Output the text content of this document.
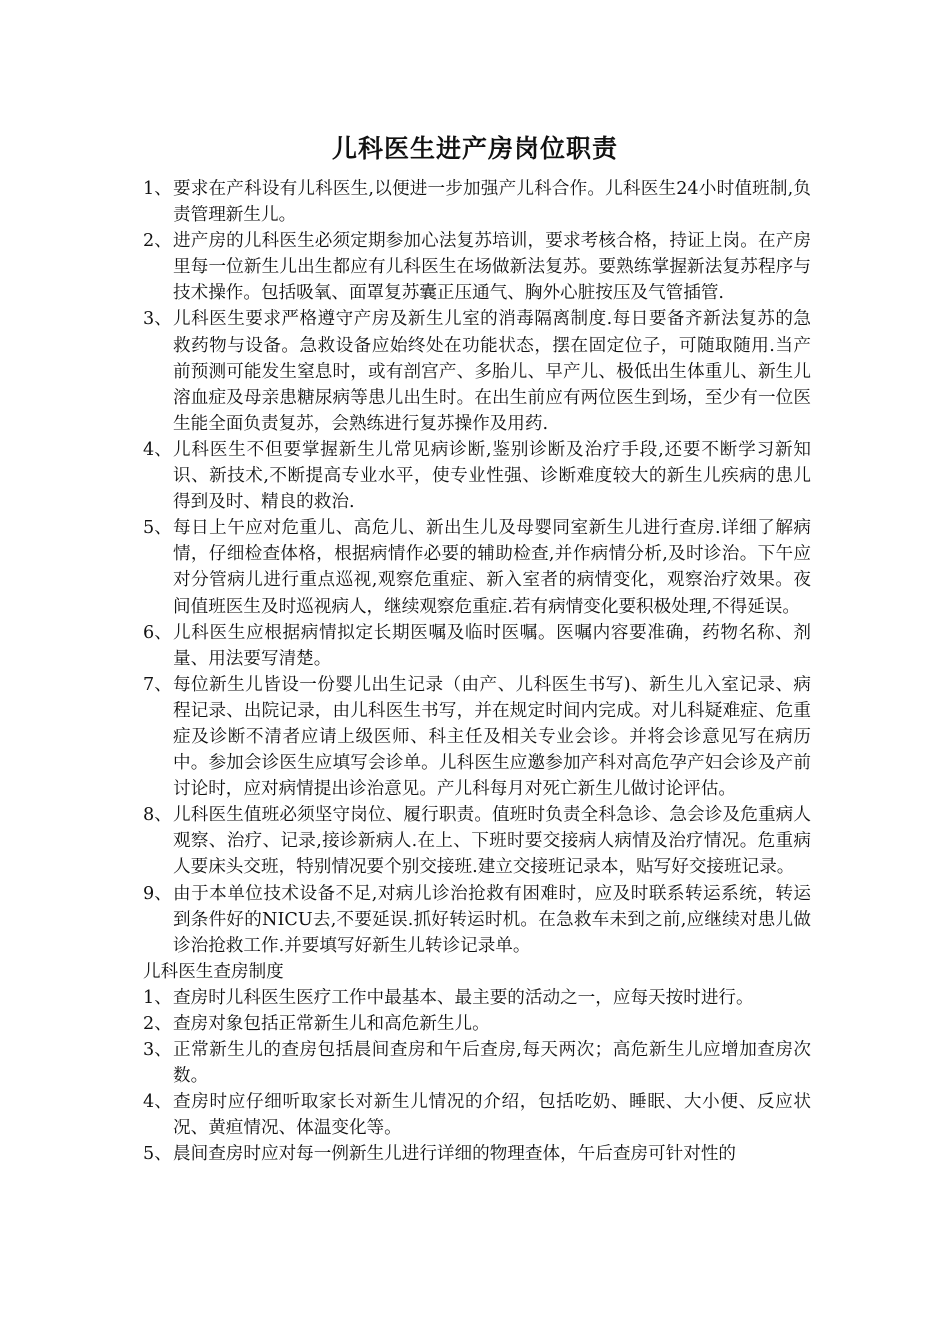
儿科医生进产房岗位职责
1、 要求在产科设有儿科医生,以便进一步加强产儿科合作。儿科医生24小时值班制,负责管理新生儿。
2、 进产房的儿科医生必须定期参加心法复苏培训，要求考核合格，持证上岗。在产房里每一位新生儿出生都应有儿科医生在场做新法复苏。要熟练掌握新法复苏程序与技术操作。包括吸氧、面罩复苏囊正压通气、胸外心脏按压及气管插管.
3、 儿科医生要求严格遵守产房及新生儿室的消毒隔离制度.每日要备齐新法复苏的急救药物与设备。急救设备应始终处在功能状态，摆在固定位子，可随取随用.当产前预测可能发生窒息时，或有剖宫产、多胎儿、早产儿、极低出生体重儿、新生儿溶血症及母亲患糖尿病等患儿出生时。在出生前应有两位医生到场，至少有一位医生能全面负责复苏，会熟练进行复苏操作及用药.
4、 儿科医生不但要掌握新生儿常见病诊断,鉴别诊断及治疗手段,还要不断学习新知识、新技术,不断提高专业水平，使专业性强、诊断难度较大的新生儿疾病的患儿得到及时、精良的救治.
5、 每日上午应对危重儿、高危儿、新出生儿及母婴同室新生儿进行查房.详细了解病情，仔细检查体格，根据病情作必要的辅助检查,并作病情分析,及时诊治。下午应对分管病儿进行重点巡视,观察危重症、新入室者的病情变化，观察治疗效果。夜间值班医生及时巡视病人，继续观察危重症.若有病情变化要积极处理,不得延误。
6、 儿科医生应根据病情拟定长期医嘱及临时医嘱。医嘱内容要准确，药物名称、剂量、用法要写清楚。
7、 每位新生儿皆设一份婴儿出生记录（由产、儿科医生书写)、新生儿入室记录、病程记录、出院记录，由儿科医生书写，并在规定时间内完成。对儿科疑难症、危重症及诊断不清者应请上级医师、科主任及相关专业会诊。并将会诊意见写在病历中。参加会诊医生应填写会诊单。儿科医生应邀参加产科对高危孕产妇会诊及产前讨论时，应对病情提出诊治意见。产儿科每月对死亡新生儿做讨论评估。
8、 儿科医生值班必须坚守岗位、履行职责。值班时负责全科急诊、急会诊及危重病人观察、治疗、记录,接诊新病人.在上、下班时要交接病人病情及治疗情况。危重病人要床头交班，特别情况要个别交接班.建立交接班记录本，贴写好交接班记录。
9、 由于本单位技术设备不足,对病儿诊治抢救有困难时，应及时联系转运系统，转运到条件好的NICU去,不要延误.抓好转运时机。在急救车未到之前,应继续对患儿做诊治抢救工作.并要填写好新生儿转诊记录单。
儿科医生查房制度
1、 查房时儿科医生医疗工作中最基本、最主要的活动之一，应每天按时进行。
2、 查房对象包括正常新生儿和高危新生儿。
3、 正常新生儿的查房包括晨间查房和午后查房,每天两次；高危新生儿应增加查房次数。
4、 查房时应仔细听取家长对新生儿情况的介绍，包括吃奶、睡眠、大小便、反应状况、黄疸情况、体温变化等。
5、 晨间查房时应对每一例新生儿进行详细的物理查体，午后查房可针对性的
